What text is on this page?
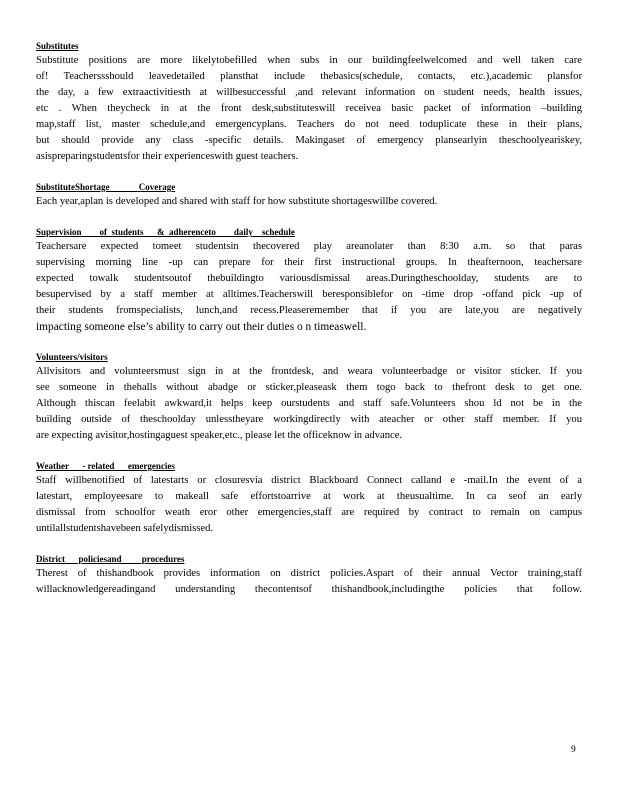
Substitutes
Substitute positions are more likelytobefilled when subs in our buildingfeelwelcomed and well taken care
of! Teacherssshould leavedetailed plansthat include thebasics(schedule, contacts, etc.),academic plansfor
the day, a few extraactivitiesth at willbesuccessful ,and relevant information on student needs, health issues,
etc . When theycheck in at the front desk,substituteswill receivea basic packet of information –building
map,staff list, master schedule,and emergencyplans. Teachers do not need toduplicate these in their plans,
but should provide any class -specific details. Makingaset of emergency plansearlyin theschoolyeariskey,
asispreparingstudentsfor their experienceswith guest teachers.
SubstituteShortage             Coverage
Each year,aplan is developed and shared with staff for how substitute shortageswillbe covered.
Supervision        of  students      &  adherenceto        daily    schedule
Teachersare expected tomeet studentsin thecovered play areanolater than 8:30 a.m. so that paras
supervising morning line -up can prepare for their first instructional groups. In theafternoon, teachersare
expected towalk studentsoutof thebuildingto variousdismissal areas.Duringtheschoolday, students are to
besupervised by a staff member at alltimes.Teacherswill beresponsiblefor on -time drop -offand pick -up of
their students fromspecialists, lunch,and recess.Pleaseremember that if you are late,you are negatively
impacting someone else’s ability to carry out their duties o n timeaswell.
Volunteers/visitors
Allvisitors and volunteersmust sign in at the frontdesk, and weara volunteerbadge or visitor sticker. If you
see someone in thehalls without abadge or sticker,pleaseask them togo back to thefront desk to get one.
Although thiscan feelabit awkward,it helps keep ourstudents and staff safe.Volunteers shou ld not be in the
building outside of theschoolday unlesstheyare workingdirectly with ateacher or other staff member. If you
are expecting avisitor,hostingaguest speaker,etc., please let the officeknow in advance.
Weather      - related      emergencies
Staff willbenotified of latestarts or closuresvia district Blackboard Connect calland e -mail.In the event of a
latestart, employeesare to makeall safe effortstoarrive at work at theusualtime. In ca seof an early
dismissal from schoolfor weath eror other emergencies,staff are required by contract to remain on campus
untilallstudentshavebeen safelydismissed.
District      policiesand         procedures
Therest of thishandbook provides information on district policies.Aspart of their annual Vector training,staff
willacknowledgereadingand understanding thecontentsof thishandbook,includingthe policies that follow.
9
